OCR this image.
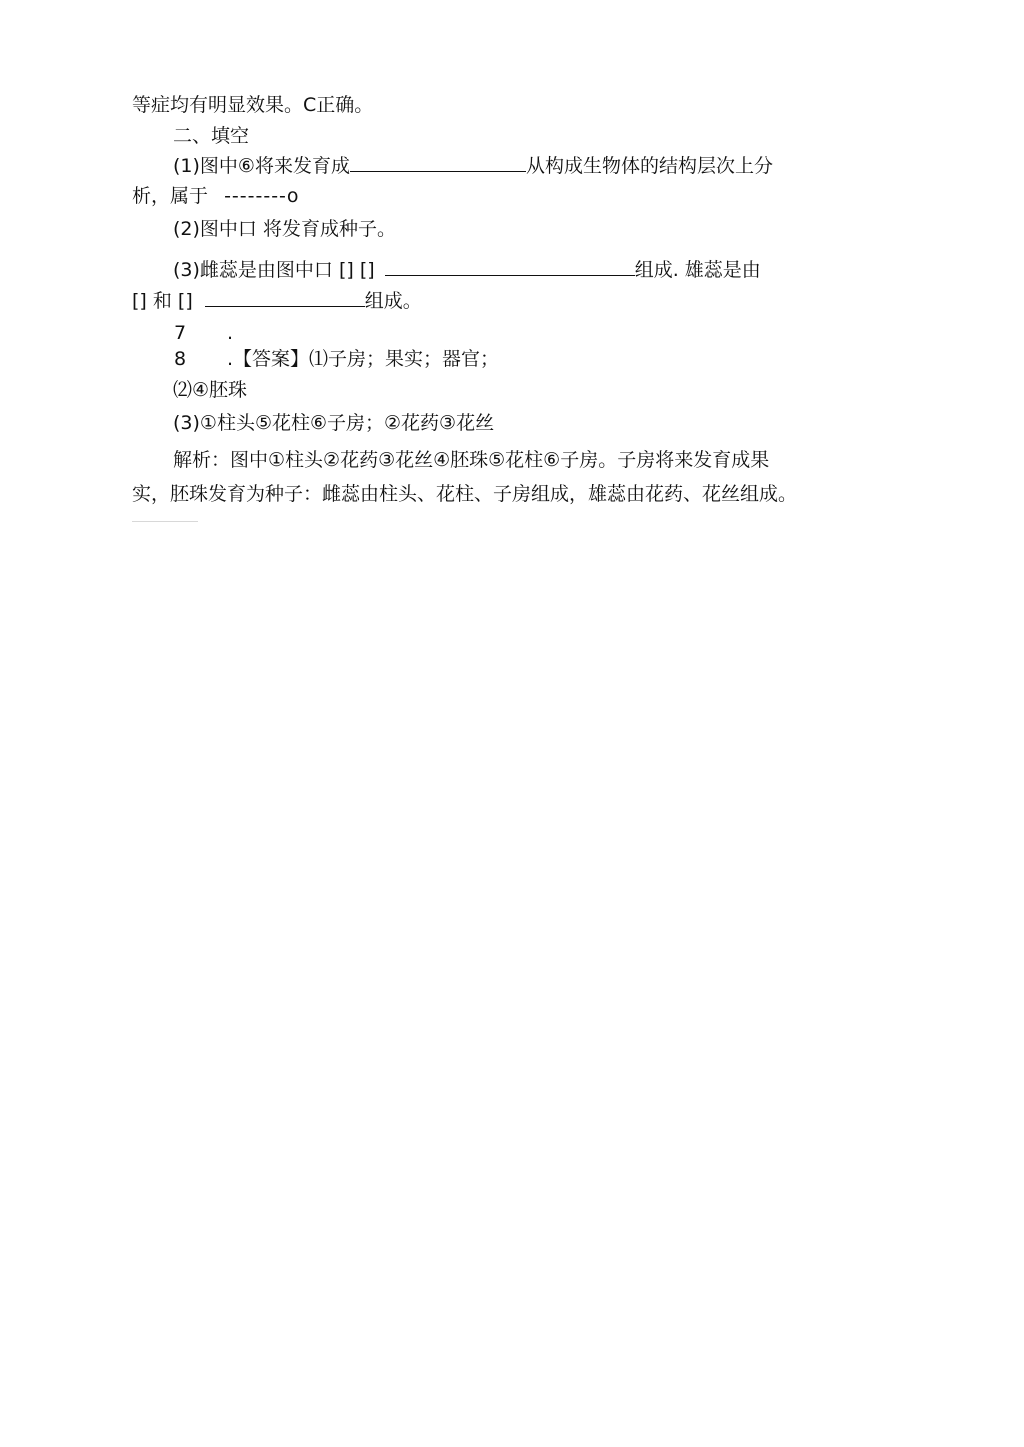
等症均有明显效果。C正确。
二、填空
(1)图中⑥将来发育成	从构成生物体的结构层次上分
析，属于 --------o
(2)图中口 将发育成种子。
(3)雌蕊是由图中口 [] []	组成. 雄蕊是由
[] 和 []	组成。
7 .
8 .【答案】⑴子房；果实；器官；
⑵④胚珠
(3)①柱头⑤花柱⑥子房；②花药③花丝
解析：图中①柱头②花药③花丝④胚珠⑤花柱⑥子房。子房将来发育成果
实，胚珠发育为种子：雌蕊由柱头、花柱、子房组成，雄蕊由花药、花丝组成。
